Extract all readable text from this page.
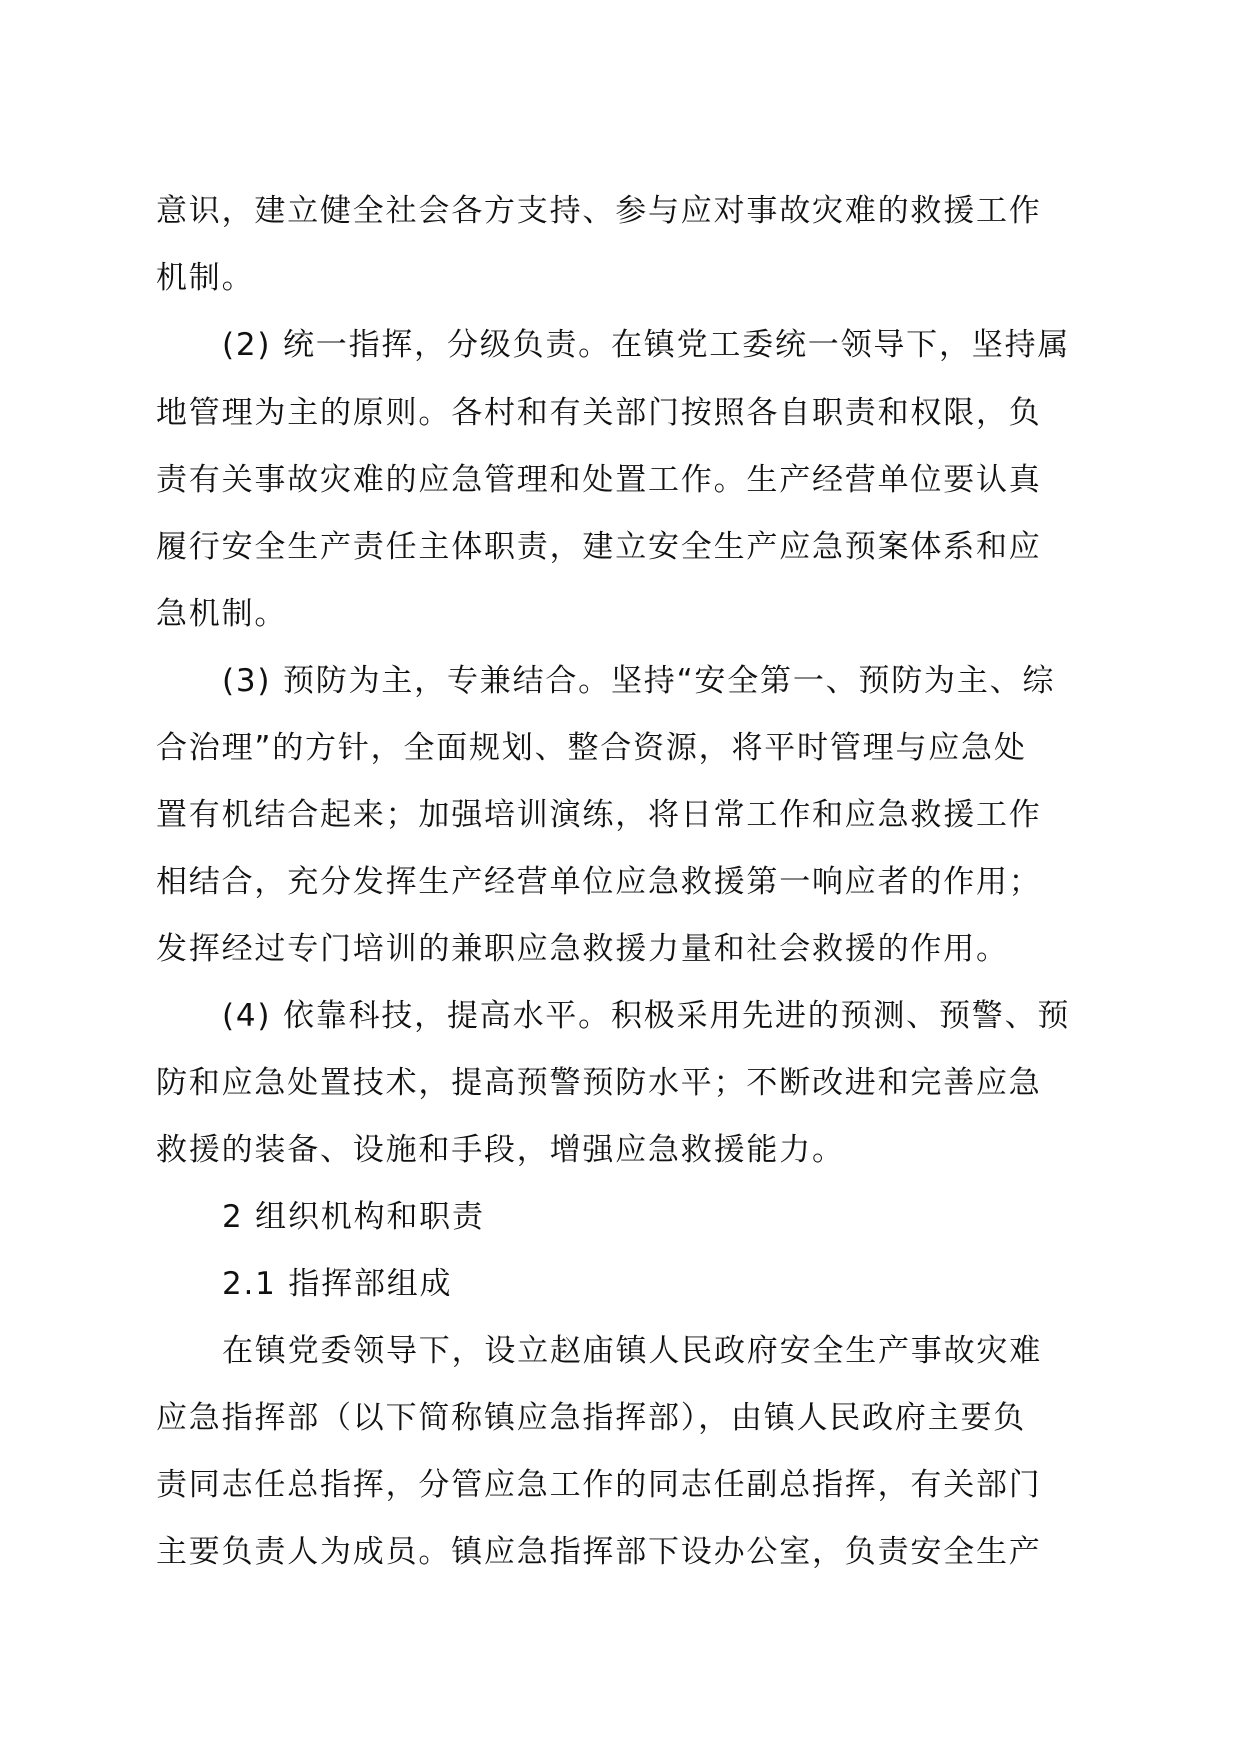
意识，建立健全社会各方支持、参与应对事故灾难的救援工作
机制。
(2) 统一指挥，分级负责。在镇党工委统一领导下，坚持属
地管理为主的原则。各村和有关部门按照各自职责和权限，负
责有关事故灾难的应急管理和处置工作。生产经营单位要认真
履行安全生产责任主体职责，建立安全生产应急预案体系和应
急机制。
(3) 预防为主，专兼结合。坚持“安全第一、预防为主、综
合治理”的方针，全面规划、整合资源，将平时管理与应急处
置有机结合起来；加强培训演练，将日常工作和应急救援工作
相结合，充分发挥生产经营单位应急救援第一响应者的作用；
发挥经过专门培训的兼职应急救援力量和社会救援的作用。
(4) 依靠科技，提高水平。积极采用先进的预测、预警、预
防和应急处置技术，提高预警预防水平；不断改进和完善应急
救援的装备、设施和手段，增强应急救援能力。
2 组织机构和职责
2.1 指挥部组成
在镇党委领导下，设立赵庙镇人民政府安全生产事故灾难
应急指挥部（以下简称镇应急指挥部），由镇人民政府主要负
责同志任总指挥，分管应急工作的同志任副总指挥，有关部门
主要负责人为成员。镇应急指挥部下设办公室，负责安全生产
